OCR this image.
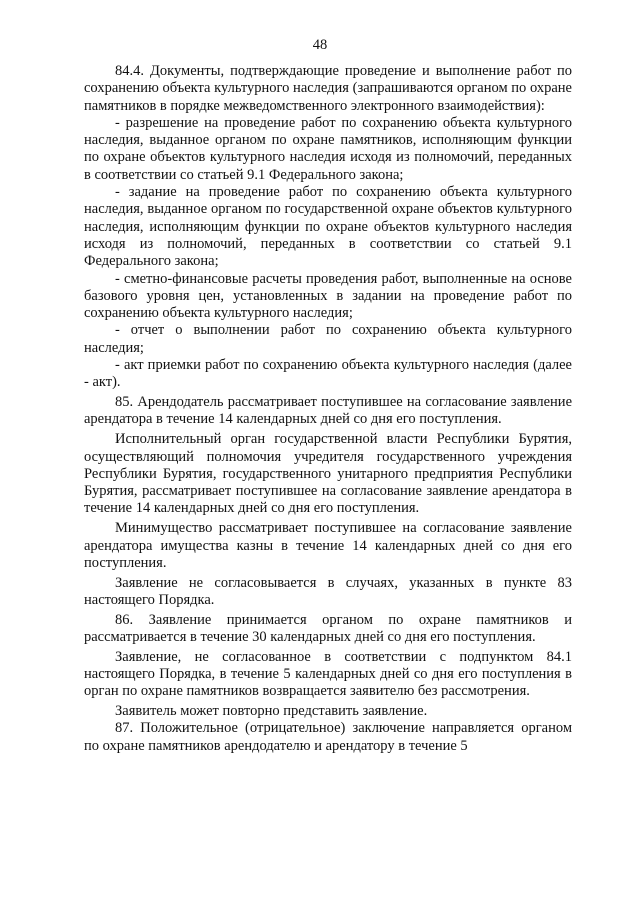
48

84.4. Документы, подтверждающие проведение и выполнение работ по сохранению объекта культурного наследия (запрашиваются органом по охране памятников в порядке межведомственного электронного взаимодействия):

- разрешение на проведение работ по сохранению объекта культурного наследия, выданное органом по охране памятников, исполняющим функции по охране объектов культурного наследия исходя из полномочий, переданных в соответствии со статьей 9.1 Федерального закона;

- задание на проведение работ по сохранению объекта культурного наследия, выданное органом по государственной охране объектов культурного наследия, исполняющим функции по охране объектов культурного наследия исходя из полномочий, переданных в соответствии со статьей 9.1 Федерального закона;

- сметно-финансовые расчеты проведения работ, выполненные на основе базового уровня цен, установленных в задании на проведение работ по сохранению объекта культурного наследия;

- отчет о выполнении работ по сохранению объекта культурного наследия;

- акт приемки работ по сохранению объекта культурного наследия (далее - акт).

85. Арендодатель рассматривает поступившее на согласование заявление арендатора в течение 14 календарных дней со дня его поступления.

Исполнительный орган государственной власти Республики Бурятия, осуществляющий полномочия учредителя государственного учреждения Республики Бурятия, государственного унитарного предприятия Республики Бурятия, рассматривает поступившее на согласование заявление арендатора в течение 14 календарных дней со дня его поступления.

Минимущество рассматривает поступившее на согласование заявление арендатора имущества казны в течение 14 календарных дней со дня его поступления.

Заявление не согласовывается в случаях, указанных в пункте 83 настоящего Порядка.

86. Заявление принимается органом по охране памятников и рассматривается в течение 30 календарных дней со дня его поступления.

Заявление, не согласованное в соответствии с подпунктом 84.1 настоящего Порядка, в течение 5 календарных дней со дня его поступления в орган по охране памятников возвращается заявителю без рассмотрения.

Заявитель может повторно представить заявление.

87. Положительное (отрицательное) заключение направляется органом по охране памятников арендодателю и арендатору в течение 5
